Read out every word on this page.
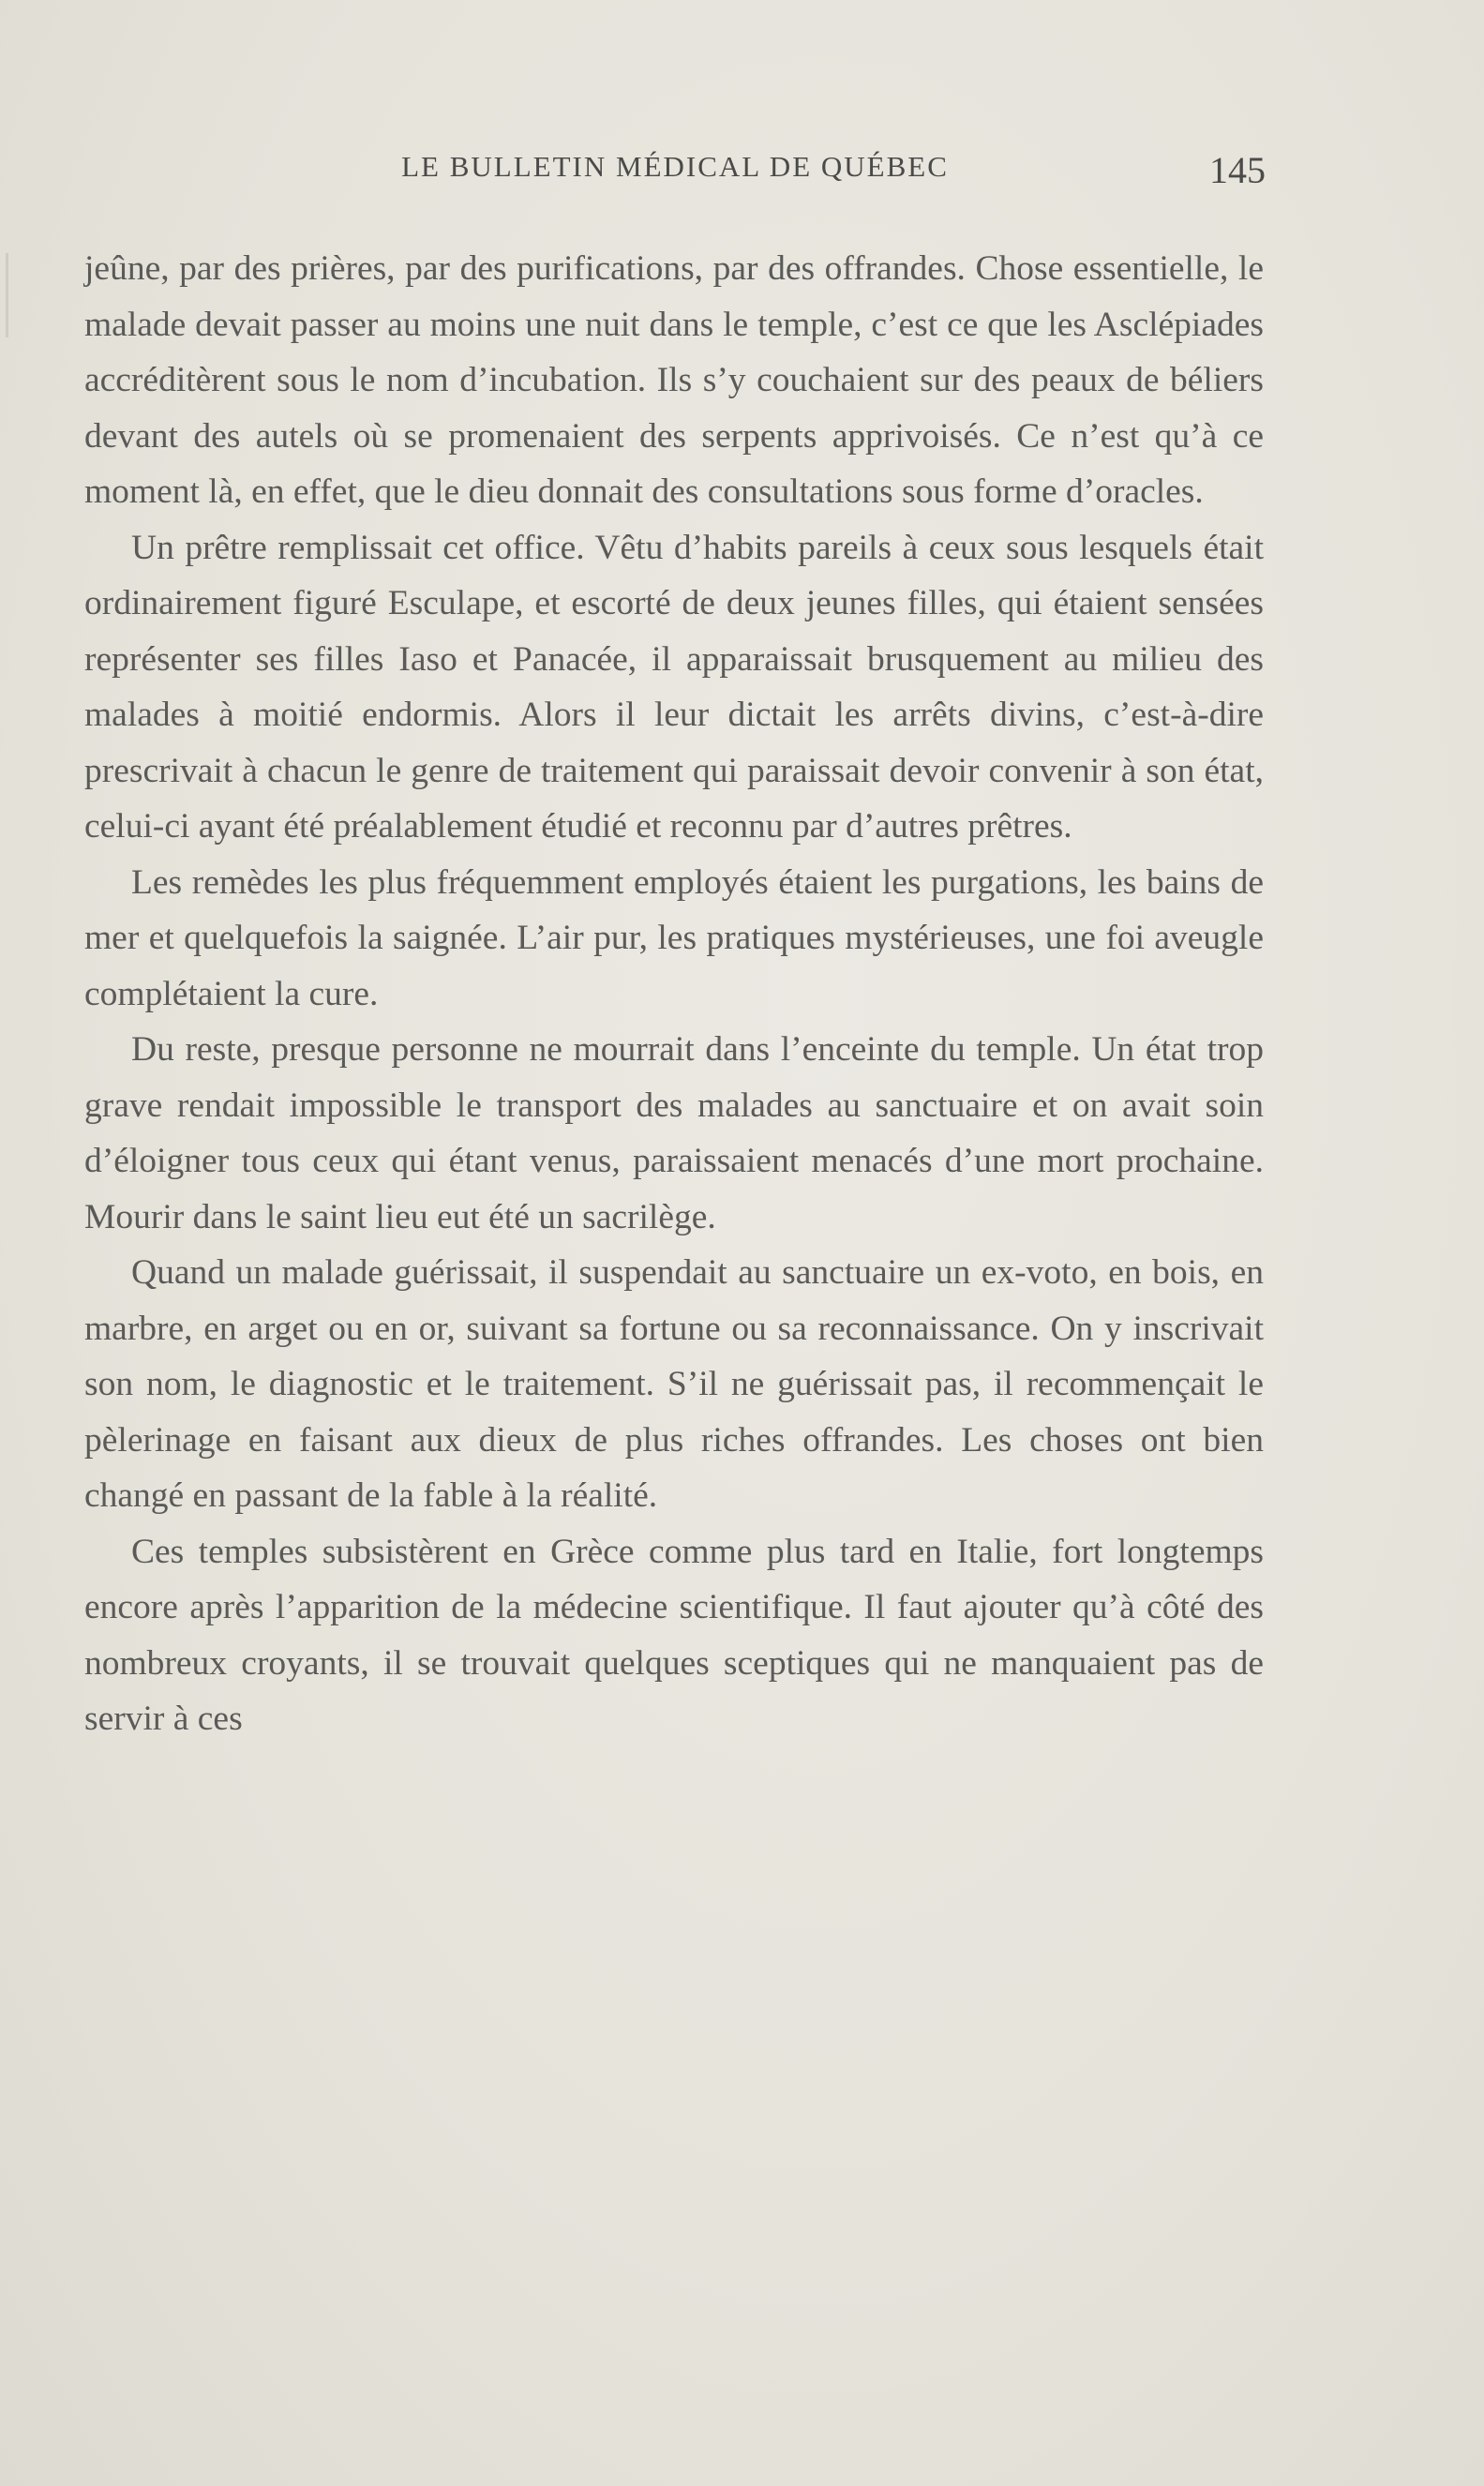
LE BULLETIN MÉDICAL DE QUÉBEC	145

jeûne, par des prières, par des purifications, par des offrandes. Chose essentielle, le malade devait passer au moins une nuit dans le temple, c’est ce que les Asclépiades accréditèrent sous le nom d’incubation. Ils s’y couchaient sur des peaux de béliers devant des autels où se promenaient des serpents apprivoisés. Ce n’est qu’à ce moment là, en effet, que le dieu donnait des consultations sous forme d’oracles.

Un prêtre remplissait cet office. Vêtu d’habits pareils à ceux sous lesquels était ordinairement figuré Esculape, et escorté de deux jeunes filles, qui étaient sensées représenter ses filles Iaso et Panacée, il apparaissait brusquement au milieu des malades à moitié endormis. Alors il leur dictait les arrêts divins, c’est-à-dire prescrivait à chacun le genre de traitement qui paraissait devoir convenir à son état, celui-ci ayant été préalablement étudié et reconnu par d’autres prêtres.

Les remèdes les plus fréquemment employés étaient les purgations, les bains de mer et quelquefois la saignée. L’air pur, les pratiques mystérieuses, une foi aveugle complétaient la cure.

Du reste, presque personne ne mourrait dans l’enceinte du temple. Un état trop grave rendait impossible le transport des malades au sanctuaire et on avait soin d’éloigner tous ceux qui étant venus, paraissaient menacés d’une mort prochaine. Mourir dans le saint lieu eut été un sacrilège.

Quand un malade guérissait, il suspendait au sanctuaire un ex-voto, en bois, en marbre, en arget ou en or, suivant sa fortune ou sa reconnaissance. On y inscrivait son nom, le diagnostic et le traitement. S’il ne guérissait pas, il recommençait le pèlerinage en faisant aux dieux de plus riches offrandes. Les choses ont bien changé en passant de la fable à la réalité.

Ces temples subsistèrent en Grèce comme plus tard en Italie, fort longtemps encore après l’apparition de la médecine scientifique. Il faut ajouter qu’à côté des nombreux croyants, il se trouvait quelques sceptiques qui ne manquaient pas de servir à ces
